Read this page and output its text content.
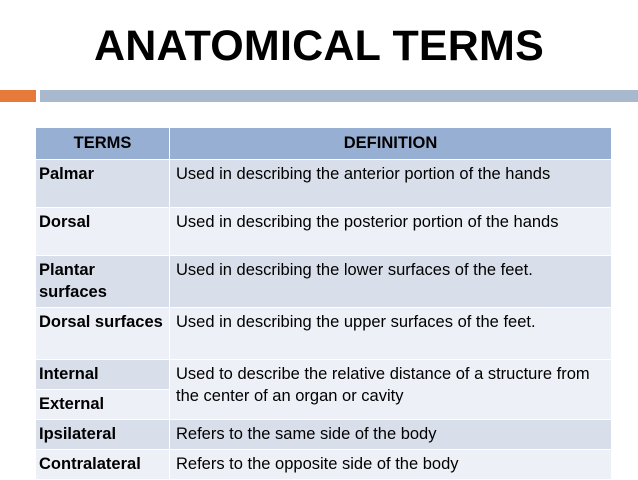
ANATOMICAL TERMS
TERMS	DEFINITION
Palmar	Used in describing the anterior portion of the hands
Dorsal	Used in describing the posterior portion of the hands
Plantar surfaces	Used in describing the lower surfaces of the feet.
Dorsal surfaces	Used in describing the upper surfaces of the feet.
Internal	Used to describe the relative distance of a structure from the center of an organ or cavity
External	
Ipsilateral	Refers to the same side of the body
Contralateral	Refers to the opposite side of the body
